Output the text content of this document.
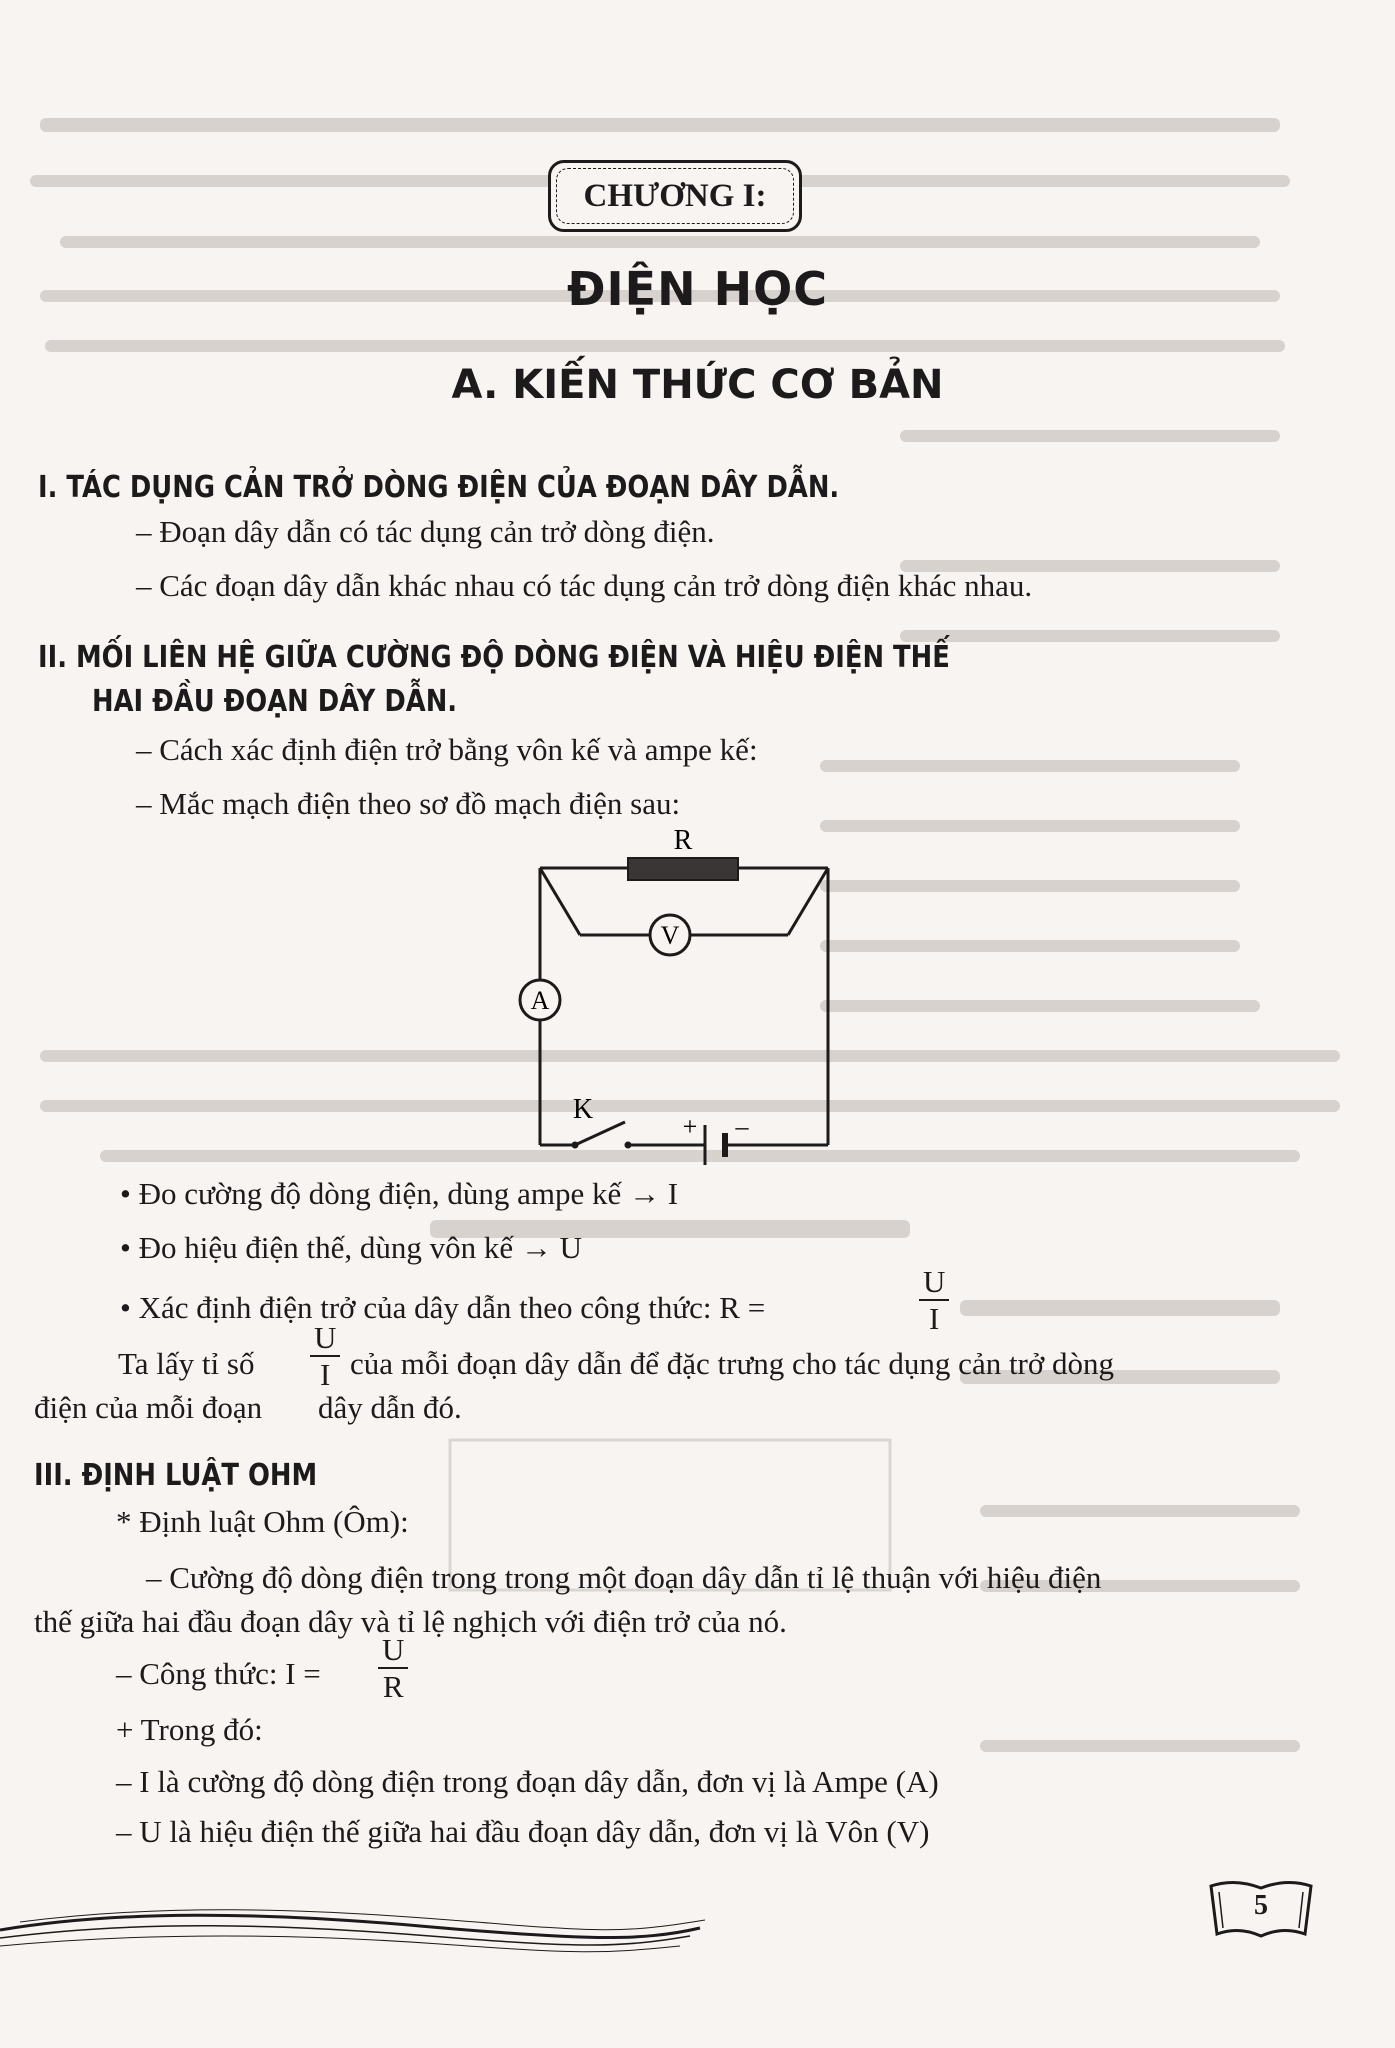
CHƯƠNG I:
ĐIỆN HỌC
A. KIẾN THỨC CƠ BẢN
I. TÁC DỤNG CẢN TRỞ DÒNG ĐIỆN CỦA ĐOẠN DÂY DẪN.
– Đoạn dây dẫn có tác dụng cản trở dòng điện.
– Các đoạn dây dẫn khác nhau có tác dụng cản trở dòng điện khác nhau.
II. MỐI LIÊN HỆ GIỮA CƯỜNG ĐỘ DÒNG ĐIỆN VÀ HIỆU ĐIỆN THẾ
HAI ĐẦU ĐOẠN DÂY DẪN.
– Cách xác định điện trở bằng vôn kế và ampe kế:
– Mắc mạch điện theo sơ đồ mạch điện sau:
R
V
A
K
+ –
• Đo cường độ dòng điện, dùng ampe kế → I
• Đo hiệu điện thế, dùng vôn kế → U
• Xác định điện trở của dây dẫn theo công thức: R =	$\frac{U}{I}$
Ta lấy tỉ số $\frac{U}{I}$ của mỗi đoạn dây dẫn để đặc trưng cho tác dụng cản trở dòng
điện của mỗi đoạn dây dẫn đó.
III. ĐỊNH LUẬT OHM
* Định luật Ohm (Ôm):
– Cường độ dòng điện trong trong một đoạn dây dẫn tỉ lệ thuận với hiệu điện
thế giữa hai đầu đoạn dây và tỉ lệ nghịch với điện trở của nó.
– Công thức: $I = \frac{U}{R}$
+ Trong đó:
– I là cường độ dòng điện trong đoạn dây dẫn, đơn vị là Ampe (A)
– U là hiệu điện thế giữa hai đầu đoạn dây dẫn, đơn vị là Vôn (V)
5
